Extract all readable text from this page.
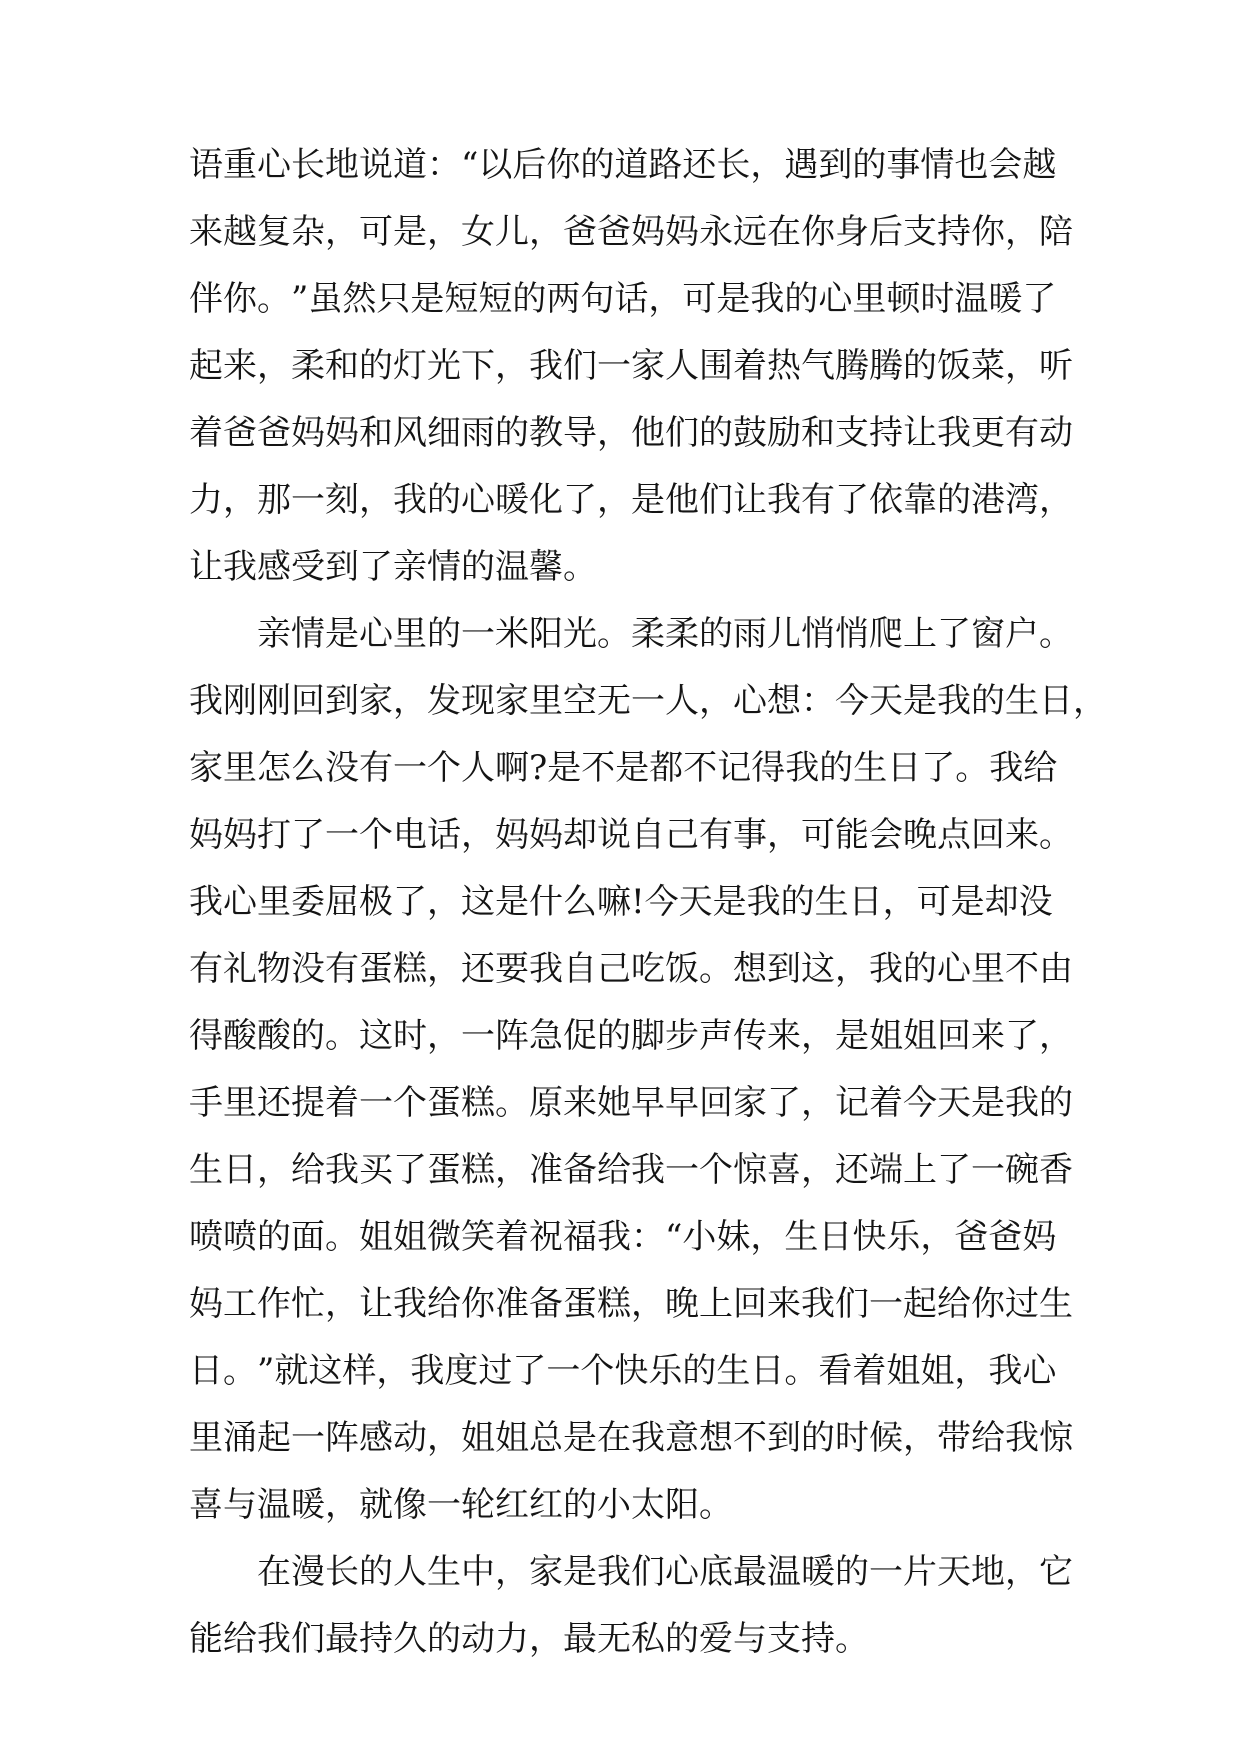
语 重 心 长 地 说 道 ： “ 以 后 你 的 道 路 还 长 ， 遇 到 的 事 情 也 会 越
来 越 复 杂 ， 可 是 ， 女 儿 ， 爸 爸 妈 妈 永 远 在 你 身 后 支 持 你 ， 陪
伴 你 。 ” 虽 然 只 是 短 短 的 两 句 话 ， 可 是 我 的 心 里 顿 时 温 暖 了
起 来 ， 柔 和 的 灯 光 下 ， 我 们 一 家 人 围 着 热 气 腾 腾 的 饭 菜 ， 听
着 爸 爸 妈 妈 和 风 细 雨 的 教 导 ， 他 们 的 鼓 励 和 支 持 让 我 更 有 动
力 ， 那 一 刻 ， 我 的 心 暖 化 了 ， 是 他 们 让 我 有 了 依 靠 的 港 湾 ，
让我感受到了亲情的温馨。
亲 情 是 心 里 的 一 米 阳 光 。 柔 柔 的 雨 儿 悄 悄 爬 上 了 窗 户 。
我 刚 刚 回 到 家 ， 发 现 家 里 空 无 一 人 ， 心 想 ： 今 天 是 我 的 生 日 ，
家 里 怎 么 没 有 一 个 人 啊 ? 是 不 是 都 不 记 得 我 的 生 日 了 。 我 给
妈 妈 打 了 一 个 电 话 ， 妈 妈 却 说 自 己 有 事 ， 可 能 会 晚 点 回 来 。
我 心 里 委 屈 极 了 ， 这 是 什 么 嘛 ! 今 天 是 我 的 生 日 ， 可 是 却 没
有 礼 物 没 有 蛋 糕 ， 还 要 我 自 己 吃 饭 。 想 到 这 ， 我 的 心 里 不 由
得 酸 酸 的 。 这 时 ， 一 阵 急 促 的 脚 步 声 传 来 ， 是 姐 姐 回 来 了 ，
手 里 还 提 着 一 个 蛋 糕 。 原 来 她 早 早 回 家 了 ， 记 着 今 天 是 我 的
生 日 ， 给 我 买 了 蛋 糕 ， 准 备 给 我 一 个 惊 喜 ， 还 端 上 了 一 碗 香
喷 喷 的 面 。 姐 姐 微 笑 着 祝 福 我 ： “ 小 妹 ， 生 日 快 乐 ， 爸 爸 妈
妈 工 作 忙 ， 让 我 给 你 准 备 蛋 糕 ， 晚 上 回 来 我 们 一 起 给 你 过 生
日 。 ” 就 这 样 ， 我 度 过 了 一 个 快 乐 的 生 日 。 看 着 姐 姐 ， 我 心
里 涌 起 一 阵 感 动 ， 姐 姐 总 是 在 我 意 想 不 到 的 时 候 ， 带 给 我 惊
喜与温暖，就像一轮红红的小太阳。
在 漫 长 的 人 生 中 ， 家 是 我 们 心 底 最 温 暖 的 一 片 天 地 ， 它
能给我们最持久的动力，最无私的爱与支持。
